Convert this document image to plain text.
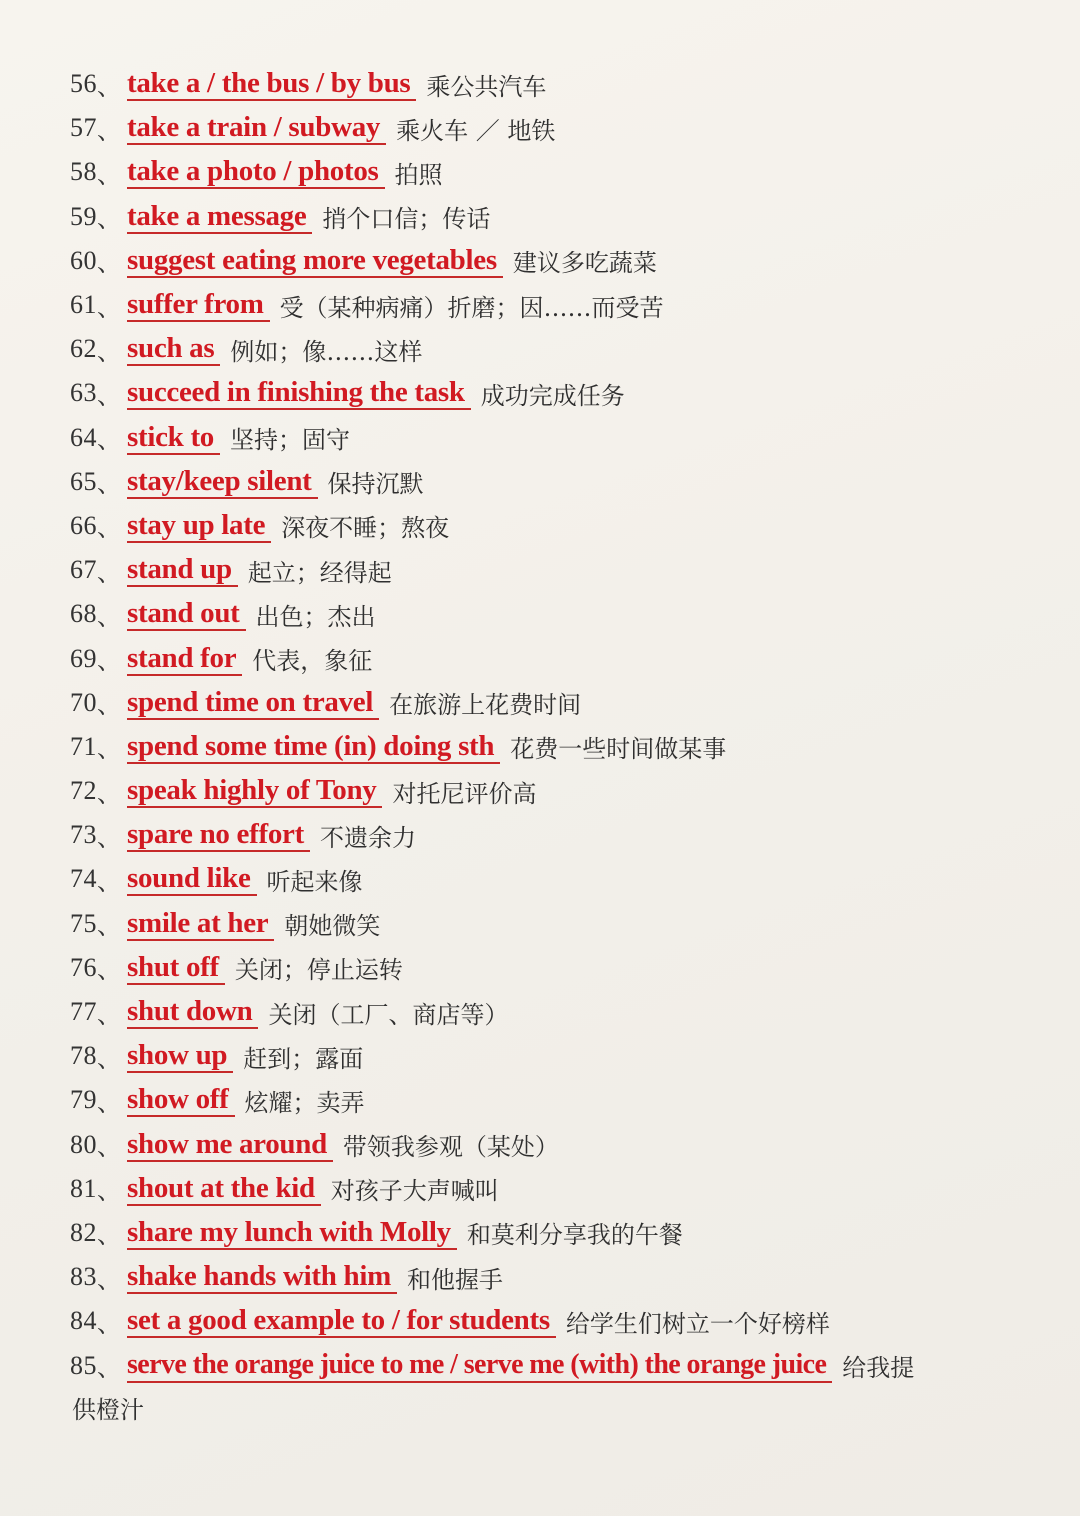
56 、 take a / the bus / by bus 乘公共汽车
57 、 take a train / subway 乘火车 ／ 地铁
58 、 take a photo / photos 拍照
59 、 take a message 捎个口信；传话
60 、 suggest eating more vegetables 建议多吃蔬菜
61 、 suffer from 受（某种病痛）折磨；因……而受苦
62 、 such as 例如；像……这样
63 、 succeed in finishing the task 成功完成任务
64 、 stick to 坚持；固守
65 、 stay/keep silent 保持沉默
66 、 stay up late 深夜不睡；熬夜
67 、 stand up 起立；经得起
68 、 stand out 出色；杰出
69 、 stand for 代表，象征
70 、 spend time on travel 在旅游上花费时间
71 、 spend some time (in) doing sth 花费一些时间做某事
72 、 speak highly of Tony 对托尼评价高
73 、 spare no effort 不遗余力
74 、 sound like 听起来像
75 、 smile at her 朝她微笑
76 、 shut off 关闭；停止运转
77 、 shut down 关闭（工厂、商店等）
78 、 show up 赶到；露面
79 、 show off 炫耀；卖弄
80 、 show me around 带领我参观（某处）
81 、 shout at the kid 对孩子大声喊叫
82 、 share my lunch with Molly 和莫利分享我的午餐
83 、 shake hands with him 和他握手
84 、 set a good example to / for students 给学生们树立一个好榜样
85 、 serve the orange juice to me / serve me (with) the orange juice 给我提
供橙汁
